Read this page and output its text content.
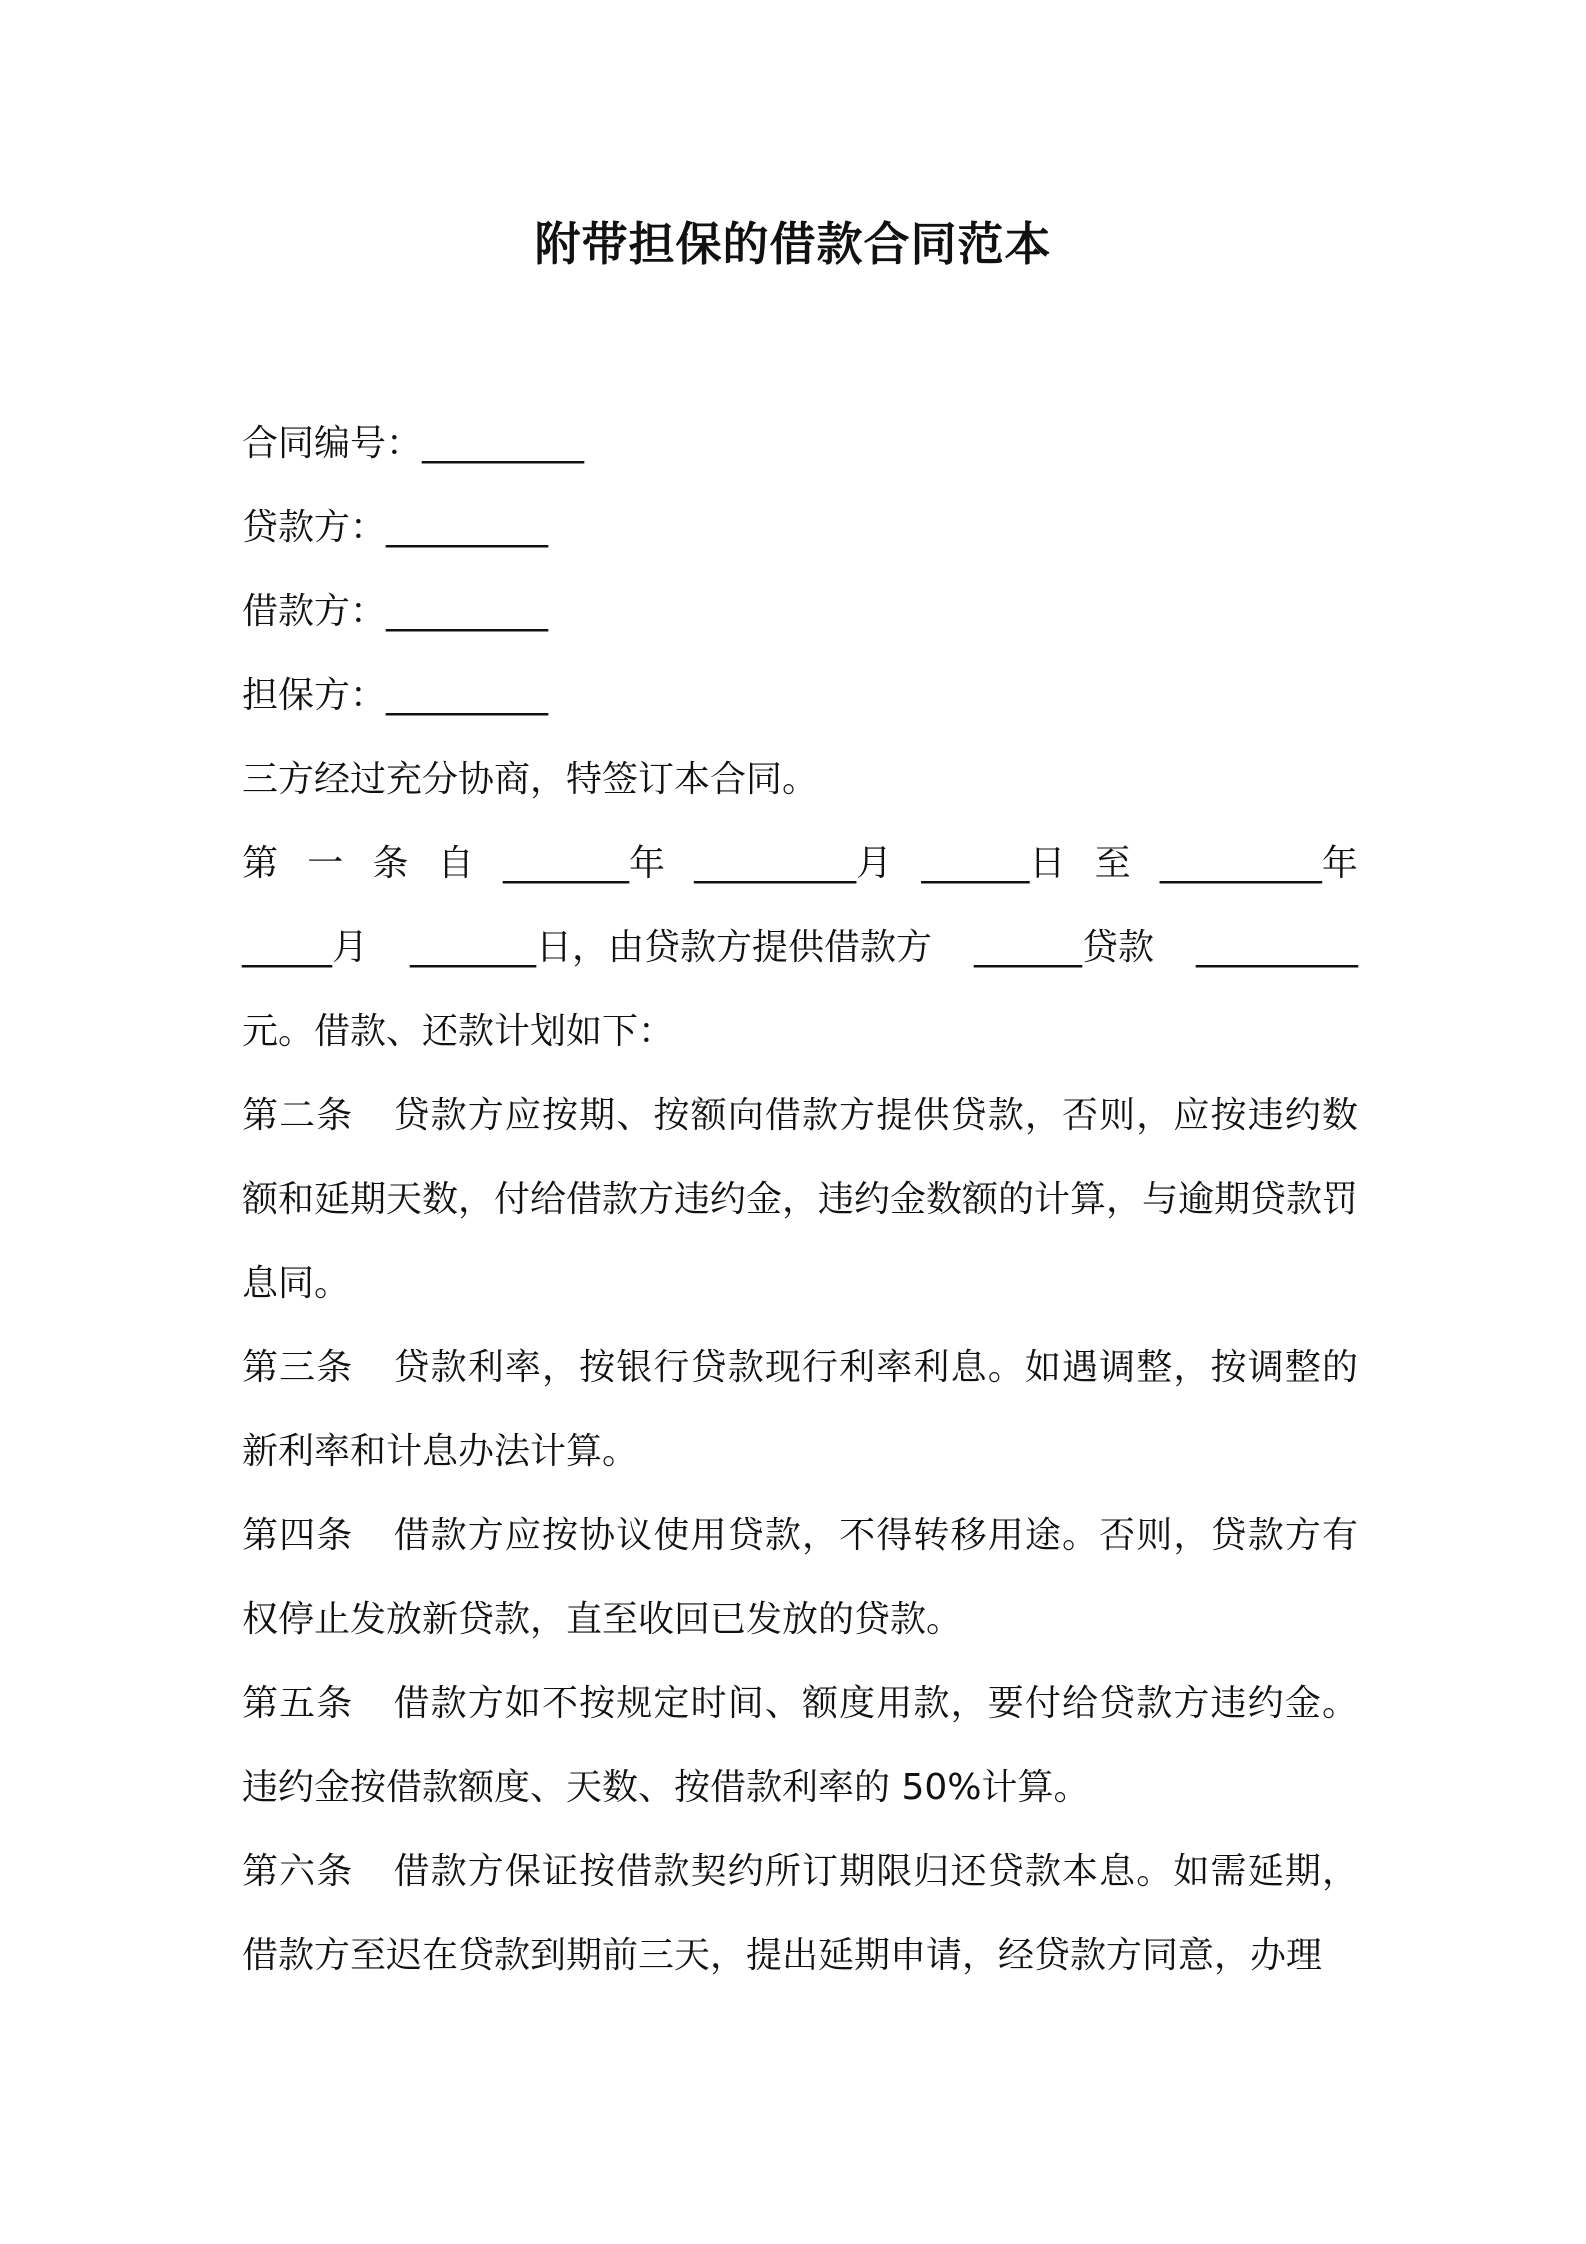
附带担保的借款合同范本

合同编号：_________

贷款方：_________

借款方：_________

担保方：_________

三方经过充分协商，特签订本合同。

第 一 条 自 _______年 _________月 ______日 至 _________年
_____月 _______日，由贷款方提供借款方 ______贷款 _________

元。借款、还款计划如下：

第二条 贷款方应按期、按额向借款方提供贷款，否则，应按违约数额和延期天数，付给借款方违约金，违约金数额的计算，与逾期贷款罚息同。

第三条 贷款利率，按银行贷款现行利率利息。如遇调整，按调整的新利率和计息办法计算。

第四条 借款方应按协议使用贷款，不得转移用途。否则，贷款方有权停止发放新贷款，直至收回已发放的贷款。

第五条 借款方如不按规定时间、额度用款，要付给贷款方违约金。违约金按借款额度、天数、按借款利率的 50%计算。

第六条 借款方保证按借款契约所订期限归还贷款本息。如需延期，借款方至迟在贷款到期前三天，提出延期申请，经贷款方同意，办理
